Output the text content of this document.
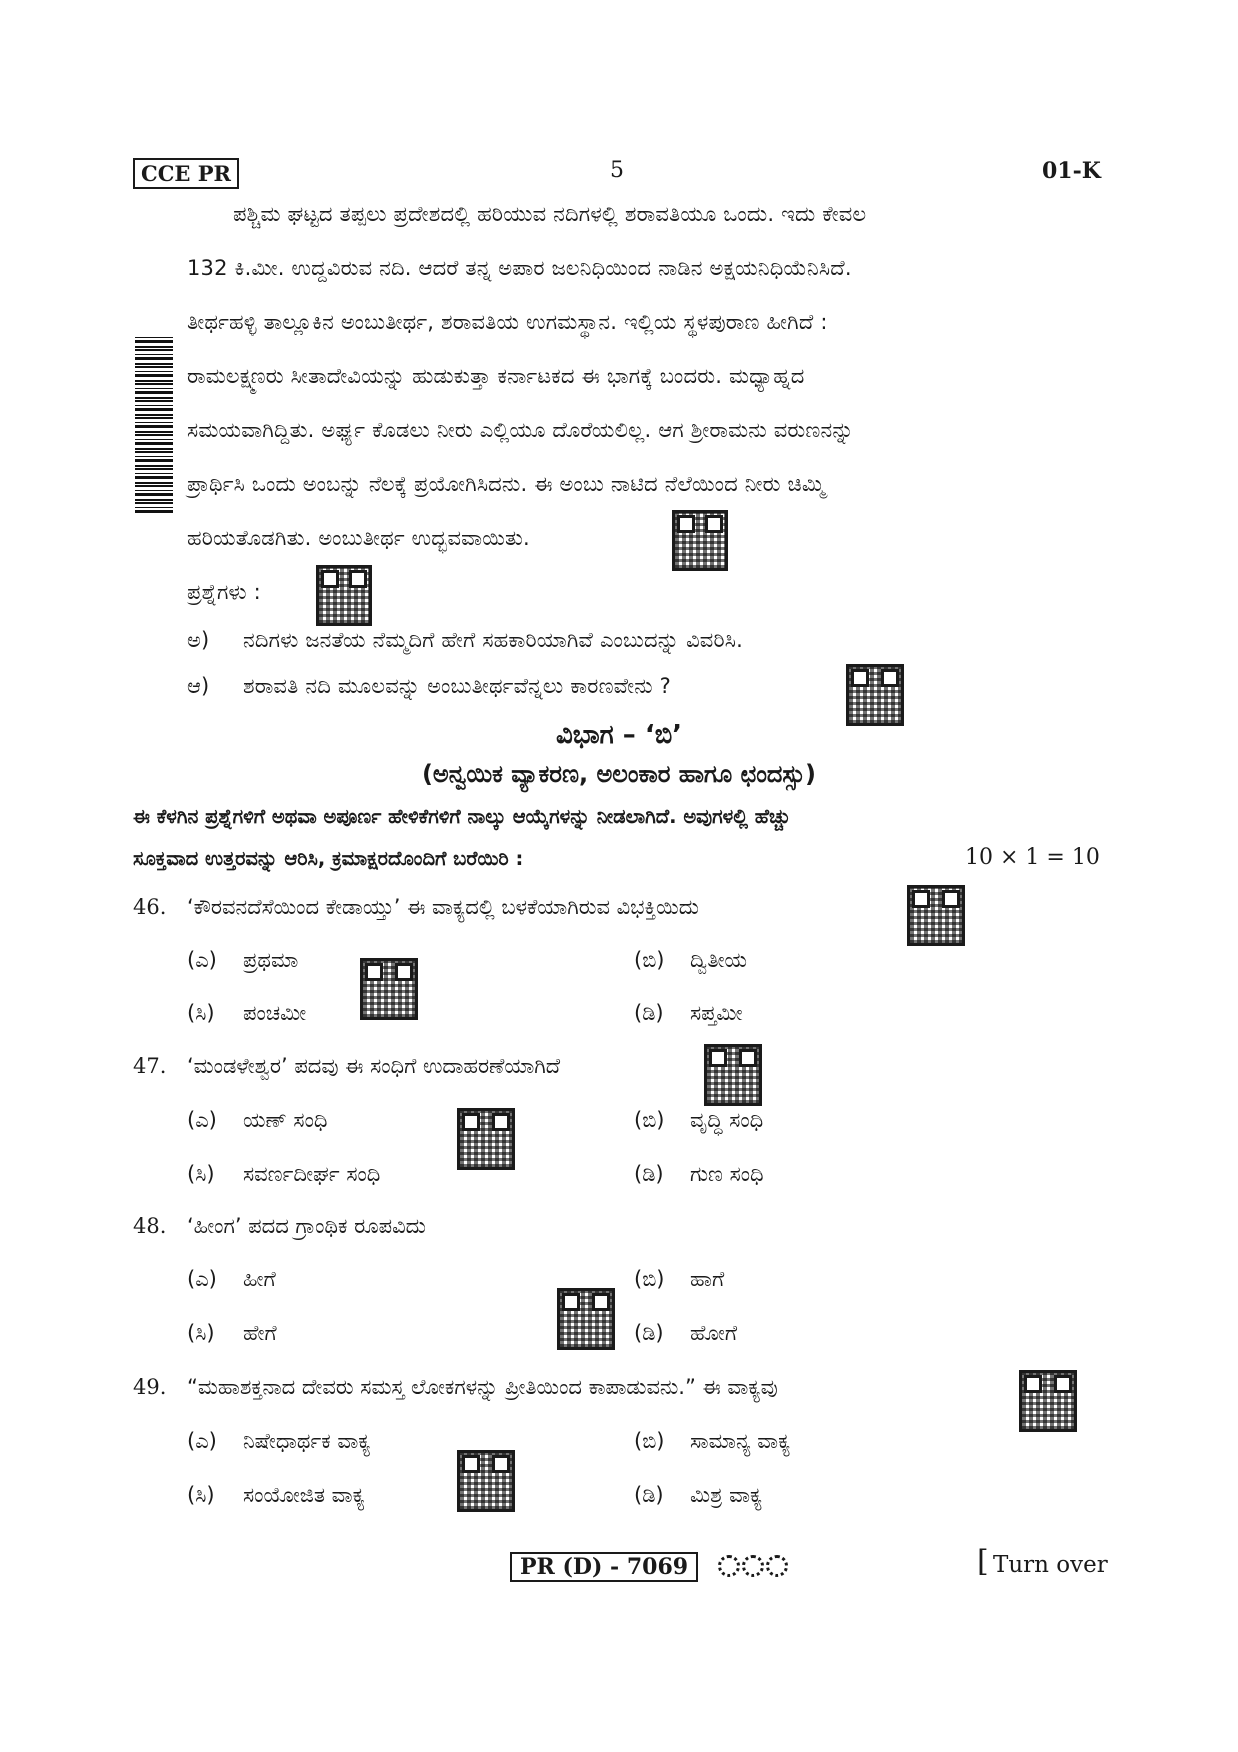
CCE PR	5	01-K
ಪಶ್ಚಿಮ ಘಟ್ಟದ ತಪ್ಪಲು ಪ್ರದೇಶದಲ್ಲಿ ಹರಿಯುವ ನದಿಗಳಲ್ಲಿ ಶರಾವತಿಯೂ ಒಂದು. ಇದು ಕೇವಲ
132 ಕಿ.ಮೀ. ಉದ್ದವಿರುವ ನದಿ. ಆದರೆ ತನ್ನ ಅಪಾರ ಜಲನಿಧಿಯಿಂದ ನಾಡಿನ ಅಕ್ಷಯನಿಧಿಯೆನಿಸಿದೆ.
ತೀರ್ಥಹಳ್ಳಿ ತಾಲ್ಲೂಕಿನ ಅಂಬುತೀರ್ಥ, ಶರಾವತಿಯ ಉಗಮಸ್ಥಾನ. ಇಲ್ಲಿಯ ಸ್ಥಳಪುರಾಣ ಹೀಗಿದೆ :
ರಾಮಲಕ್ಷ್ಮಣರು ಸೀತಾದೇವಿಯನ್ನು ಹುಡುಕುತ್ತಾ ಕರ್ನಾಟಕದ ಈ ಭಾಗಕ್ಕೆ ಬಂದರು. ಮಧ್ಯಾಹ್ನದ
ಸಮಯವಾಗಿದ್ದಿತು. ಅರ್ಘ್ಯ ಕೊಡಲು ನೀರು ಎಲ್ಲಿಯೂ ದೊರೆಯಲಿಲ್ಲ. ಆಗ ಶ್ರೀರಾಮನು ವರುಣನನ್ನು
ಪ್ರಾರ್ಥಿಸಿ ಒಂದು ಅಂಬನ್ನು ನೆಲಕ್ಕೆ ಪ್ರಯೋಗಿಸಿದನು. ಈ ಅಂಬು ನಾಟಿದ ನೆಲೆಯಿಂದ ನೀರು ಚಿಮ್ಮಿ
ಹರಿಯತೊಡಗಿತು. ಅಂಬುತೀರ್ಥ ಉದ್ಭವವಾಯಿತು.
ಪ್ರಶ್ನೆಗಳು :
ಅ) ನದಿಗಳು ಜನತೆಯ ನೆಮ್ಮದಿಗೆ ಹೇಗೆ ಸಹಕಾರಿಯಾಗಿವೆ ಎಂಬುದನ್ನು ವಿವರಿಸಿ.
ಆ) ಶರಾವತಿ ನದಿ ಮೂಲವನ್ನು ಅಂಬುತೀರ್ಥವೆನ್ನಲು ಕಾರಣವೇನು ?
ವಿಭಾಗ – ‘ಬಿ’
(ಅನ್ವಯಿಕ ವ್ಯಾಕರಣ, ಅಲಂಕಾರ ಹಾಗೂ ಛಂದಸ್ಸು)
ಈ ಕೆಳಗಿನ ಪ್ರಶ್ನೆಗಳಿಗೆ ಅಥವಾ ಅಪೂರ್ಣ ಹೇಳಿಕೆಗಳಿಗೆ ನಾಲ್ಕು ಆಯ್ಕೆಗಳನ್ನು ನೀಡಲಾಗಿದೆ. ಅವುಗಳಲ್ಲಿ ಹೆಚ್ಚು
ಸೂಕ್ತವಾದ ಉತ್ತರವನ್ನು ಆರಿಸಿ, ಕ್ರಮಾಕ್ಷರದೊಂದಿಗೆ ಬರೆಯಿರಿ :	10 × 1 = 10
46. ‘ಕೌರವನದೆಸೆಯಿಂದ ಕೇಡಾಯ್ತು’ ಈ ವಾಕ್ಯದಲ್ಲಿ ಬಳಕೆಯಾಗಿರುವ ವಿಭಕ್ತಿಯಿದು
(ಎ) ಪ್ರಥಮಾ	(ಬಿ) ದ್ವಿತೀಯ
(ಸಿ) ಪಂಚಮೀ	(ಡಿ) ಸಪ್ತಮೀ
47. ‘ಮಂಡಳೇಶ್ವರ’ ಪದವು ಈ ಸಂಧಿಗೆ ಉದಾಹರಣೆಯಾಗಿದೆ
(ಎ) ಯಣ್ ಸಂಧಿ	(ಬಿ) ವೃದ್ಧಿ ಸಂಧಿ
(ಸಿ) ಸವರ್ಣದೀರ್ಘ ಸಂಧಿ	(ಡಿ) ಗುಣ ಸಂಧಿ
48. ‘ಹೀಂಗ’ ಪದದ ಗ್ರಾಂಥಿಕ ರೂಪವಿದು
(ಎ) ಹೀಗೆ	(ಬಿ) ಹಾಗೆ
(ಸಿ) ಹೇಗೆ	(ಡಿ) ಹೋಗೆ
49. “ಮಹಾಶಕ್ತನಾದ ದೇವರು ಸಮಸ್ತ ಲೋಕಗಳನ್ನು ಪ್ರೀತಿಯಿಂದ ಕಾಪಾಡುವನು.” ಈ ವಾಕ್ಯವು
(ಎ) ನಿಷೇಧಾರ್ಥಕ ವಾಕ್ಯ	(ಬಿ) ಸಾಮಾನ್ಯ ವಾಕ್ಯ
(ಸಿ) ಸಂಯೋಜಿತ ವಾಕ್ಯ	(ಡಿ) ಮಿಶ್ರ ವಾಕ್ಯ
PR (D) - 7069	[ Turn over
